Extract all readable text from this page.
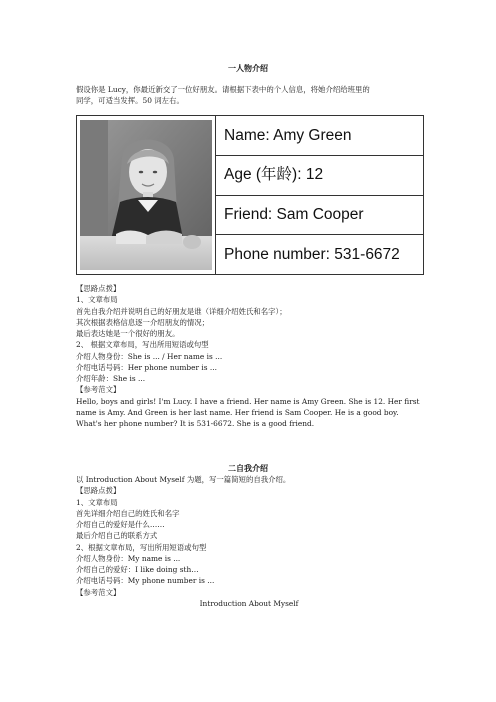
一人物介绍
假设你是 Lucy，你最近新交了一位好朋友。请根据下表中的个人信息，将她介绍给班里的
同学，可适当发挥。50 词左右。
Name: Amy Green
Age (年龄): 12
Friend: Sam Cooper
Phone number: 531-6672
【思路点拨】
1、文章布局
首先自我介绍并说明自己的好朋友是谁（详细介绍姓氏和名字）；
其次根据表格信息逐一介绍朋友的情况；
最后表达她是一个很好的朋友。
2、 根据文章布局，写出所用短语或句型
介绍人物身份：She is ... / Her name is ...
介绍电话号码：Her phone number is ...
介绍年龄：She is ...
【参考范文】
Hello, boys and girls! I'm Lucy. I have a friend. Her name is Amy Green. She is 12. Her first name is Amy. And Green is her last name. Her friend is Sam Cooper. He is a good boy. What's her phone number? It is 531-6672. She is a good friend.
二自我介绍
以 Introduction About Myself 为题，写一篇简短的自我介绍。
【思路点拨】
1、文章布局
首先详细介绍自己的姓氏和名字
介绍自己的爱好是什么……
最后介绍自己的联系方式
2、根据文章布局，写出所用短语或句型
介绍人物身份：My name is ...
介绍自己的爱好：I like doing sth…
介绍电话号码：My phone number is ...
【参考范文】
Introduction About Myself
